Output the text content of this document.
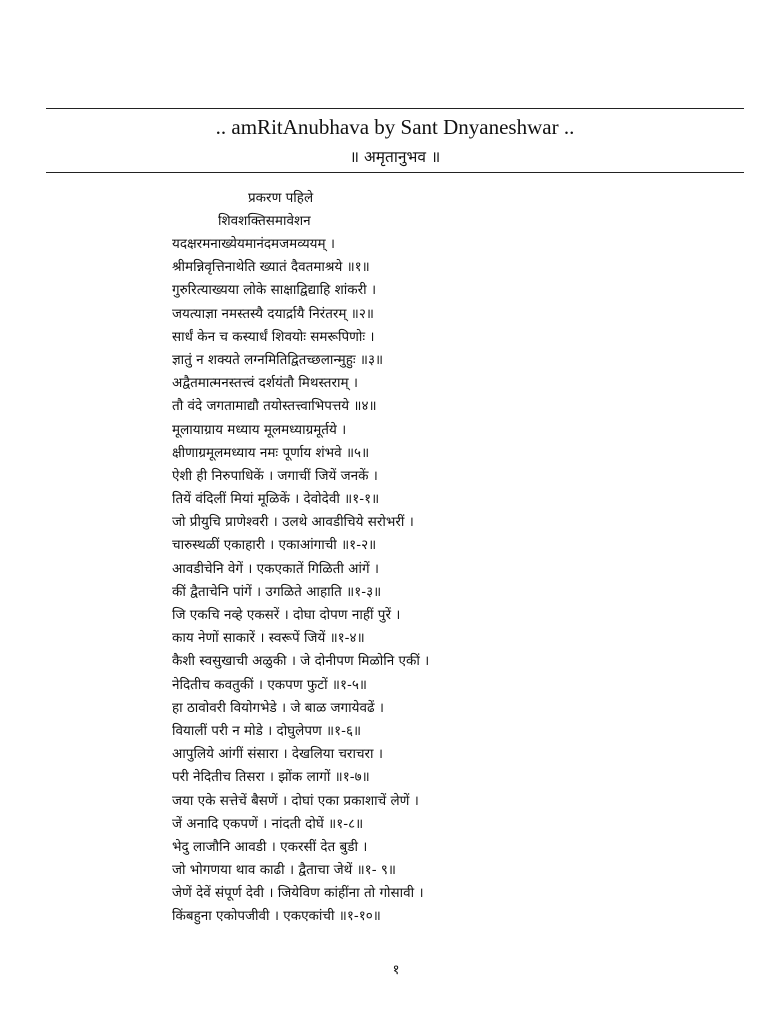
.. amRitAnubhava by Sant Dnyaneshwar ..
॥ अमृतानुभव ॥
प्रकरण पहिले
शिवशक्तिसमावेशन
यदक्षरमनाख्येयमानंदमजमव्ययम् ।
श्रीमन्निवृत्तिनाथेति ख्यातं दैवतमाश्रये ॥१॥
गुरुरित्याख्यया लोके साक्षाद्विद्याहि शांकरी ।
जयत्याज्ञा नमस्तस्यै दयार्द्रायै निरंतरम् ॥२॥
सार्धं केन च कस्यार्धं शिवयोः समरूपिणोः ।
ज्ञातुं न शक्यते लग्नमितिद्वितच्छलान्मुहुः ॥३॥
अद्वैतमात्मनस्तत्त्वं दर्शयंतौ मिथस्तराम् ।
तौ वंदे जगतामाद्यौ तयोस्तत्त्वाभिपत्तये ॥४॥
मूलायाग्राय मध्याय मूलमध्याग्रमूर्तये ।
क्षीणाग्रमूलमध्याय नमः पूर्णाय शंभवे ॥५॥
ऐशी ही निरुपाधिकें । जगाचीं जियें जनकें ।
तियें वंदिलीं मियां मूळिकें । देवोदेवी ॥१-१॥
जो प्रीयुचि प्राणेश्वरी । उलथे आवडीचिये सरोभरीं ।
चारुस्थळीं एकाहारी । एकाआंगाची ॥१-२॥
आवडीचेनि वेगें । एकएकातें गिळिती आंगें ।
कीं द्वैताचेनि पांगें । उगळिते आहाति ॥१-३॥
जि एकचि नव्हे एकसरें । दोघा दोपण नाहीं पुरें ।
काय नेणों साकारें । स्वरूपें जियें ॥१-४॥
कैशी स्वसुखाची अळुकी । जे दोनीपण मिळोनि एकीं ।
नेदितीच कवतुकीं । एकपण फुटों ॥१-५॥
हा ठावोवरी वियोगभेडे । जे बाळ जगायेवढें ।
वियालीं परी न मोडे । दोघुलेपण ॥१-६॥
आपुलिये आंगीं संसारा । देखलिया चराचरा ।
परी नेदितीच तिसरा । झोंक लागों ॥१-७॥
जया एके सत्तेचें बैसणें । दोघां एका प्रकाशाचें लेणें ।
जें अनादि एकपणें । नांदती दोघें ॥१-८॥
भेदु लाजौनि आवडी । एकरसीं देत बुडी ।
जो भोगणया थाव काढी । द्वैताचा जेथें ॥१- ९॥
जेणें देवें संपूर्ण देवी । जियेविण कांहींना तो गोसावी ।
किंबहुना एकोपजीवी । एकएकांची ॥१-१०॥
१
